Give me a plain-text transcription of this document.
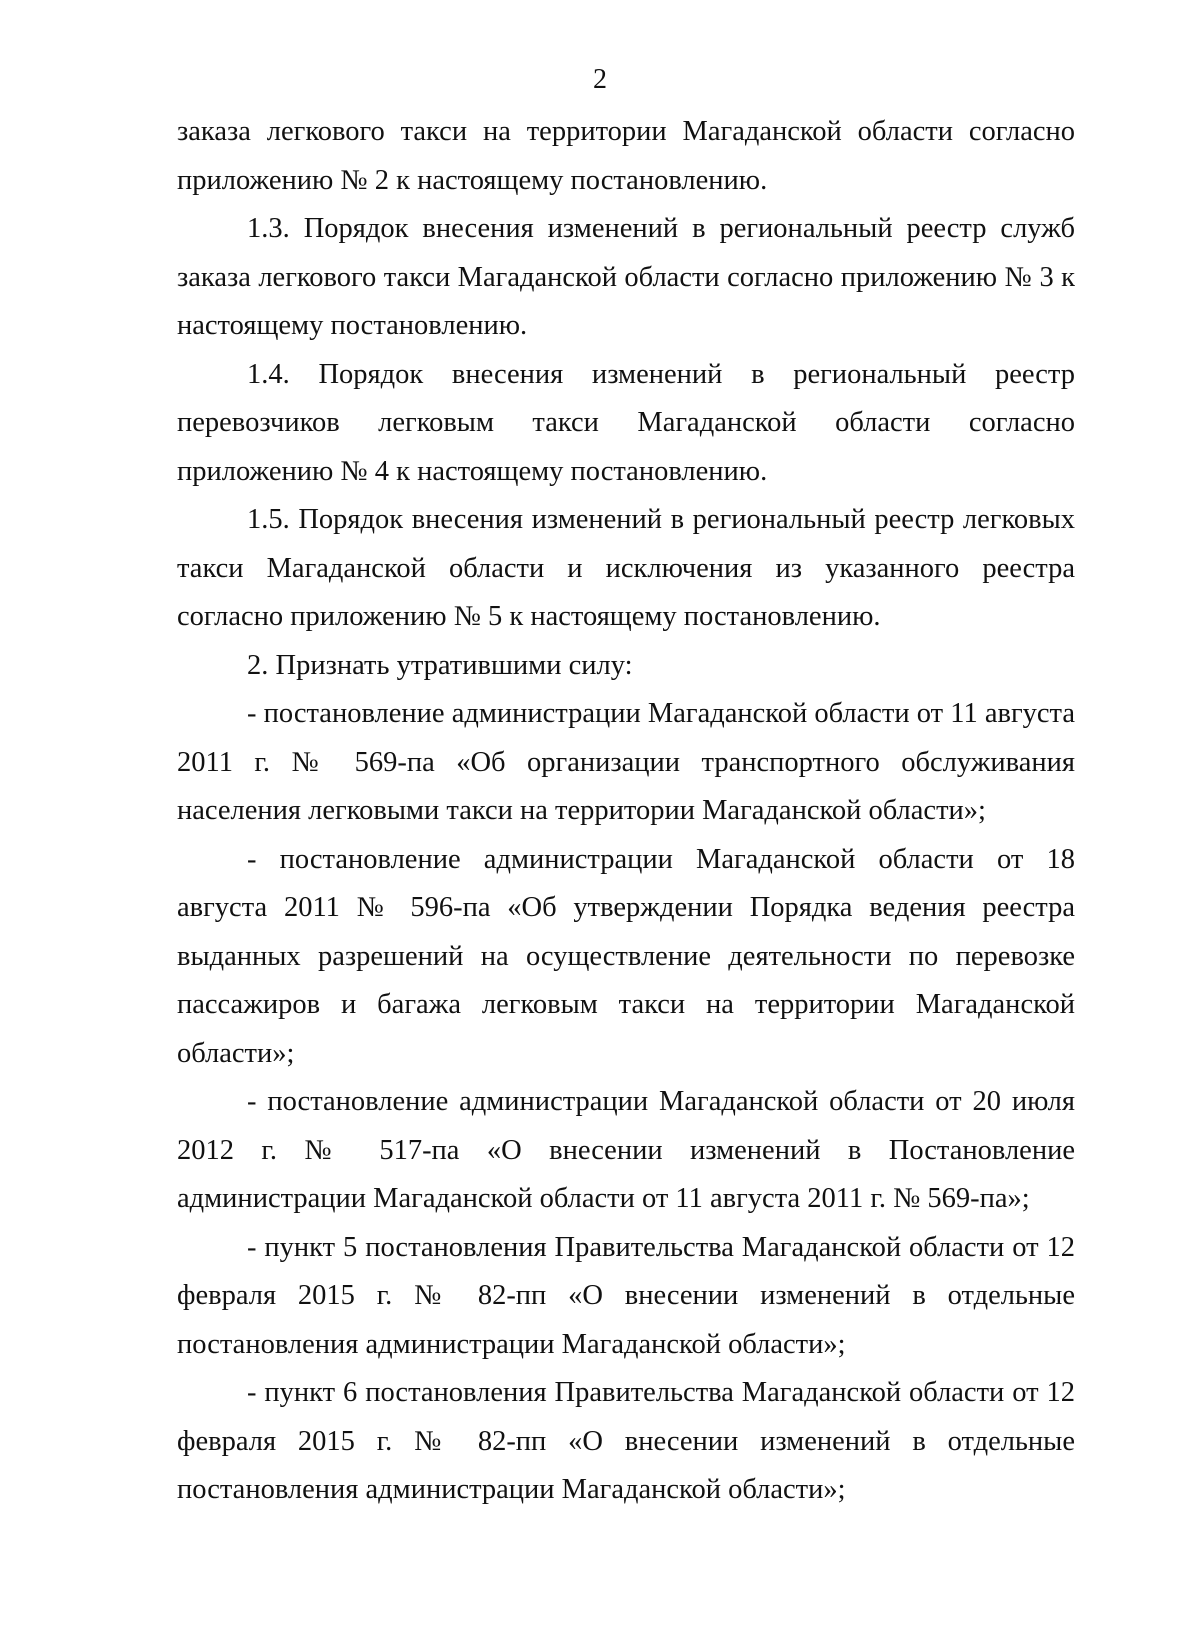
2

заказа легкового такси на территории Магаданской области согласно приложению № 2 к настоящему постановлению.

1.3. Порядок внесения изменений в региональный реестр служб заказа легкового такси Магаданской области согласно приложению № 3 к настоящему постановлению.

1.4. Порядок внесения изменений в региональный реестр перевозчиков легковым такси Магаданской области согласно приложению № 4 к настоящему постановлению.

1.5. Порядок внесения изменений в региональный реестр легковых такси Магаданской области и исключения из указанного реестра согласно приложению № 5 к настоящему постановлению.

2. Признать утратившими силу:

- постановление администрации Магаданской области от 11 августа 2011 г. № 569-па «Об организации транспортного обслуживания населения легковыми такси на территории Магаданской области»;

- постановление администрации Магаданской области от 18 августа 2011 № 596-па «Об утверждении Порядка ведения реестра выданных разрешений на осуществление деятельности по перевозке пассажиров и багажа легковым такси на территории Магаданской области»;

- постановление администрации Магаданской области от 20 июля 2012 г. № 517-па «О внесении изменений в Постановление администрации Магаданской области от 11 августа 2011 г. № 569-па»;

- пункт 5 постановления Правительства Магаданской области от 12 февраля 2015 г. № 82-пп «О внесении изменений в отдельные постановления администрации Магаданской области»;

- пункт 6 постановления Правительства Магаданской области от 12 февраля 2015 г. № 82-пп «О внесении изменений в отдельные постановления администрации Магаданской области»;
